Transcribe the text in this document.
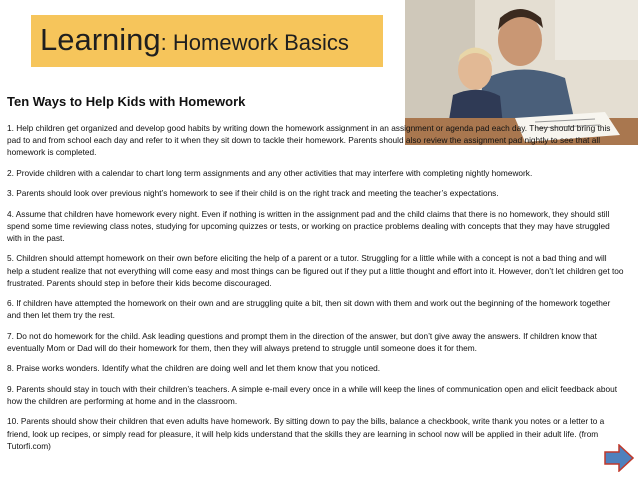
Learning: Homework Basics
Ten Ways to Help Kids with Homework

1. Help children get organized and develop good habits by writing down the homework assignment in an assignment or agenda pad each day. They should bring this pad to and from school each day and refer to it when they sit down to tackle their homework. Parents should also review the assignment pad nightly to see that all homework is completed.

2. Provide children with a calendar to chart long term assignments and any other activities that may interfere with completing nightly homework.

3. Parents should look over previous night’s homework to see if their child is on the right track and meeting the teacher’s expectations.

4. Assume that children have homework every night. Even if nothing is written in the assignment pad and the child claims that there is no homework, they should still spend some time reviewing class notes, studying for upcoming quizzes or tests, or working on practice problems dealing with concepts that they may have struggled with in the past.

5. Children should attempt homework on their own before eliciting the help of a parent or a tutor. Struggling for a little while with a concept is not a bad thing and will help a student realize that not everything will come easy and most things can be figured out if they put a little thought and effort into it. However, don’t let children get too frustrated. Parents should step in before their kids become discouraged.

6. If children have attempted the homework on their own and are struggling quite a bit, then sit down with them and work out the beginning of the homework together and then let them try the rest.

7. Do not do homework for the child. Ask leading questions and prompt them in the direction of the answer, but don’t give away the answers. If children know that eventually Mom or Dad will do their homework for them, then they will always pretend to struggle until someone does it for them.

8. Praise works wonders. Identify what the children are doing well and let them know that you noticed.

9. Parents should stay in touch with their children’s teachers. A simple e-mail every once in a while will keep the lines of communication open and elicit feedback about how the children are performing at home and in the classroom.

10. Parents should show their children that even adults have homework. By sitting down to pay the bills, balance a checkbook, write thank you notes or a letter to a friend, look up recipes, or simply read for pleasure, it will help kids understand that the skills they are learning in school now will be applied in their adult life. (from Tutorfi.com)
